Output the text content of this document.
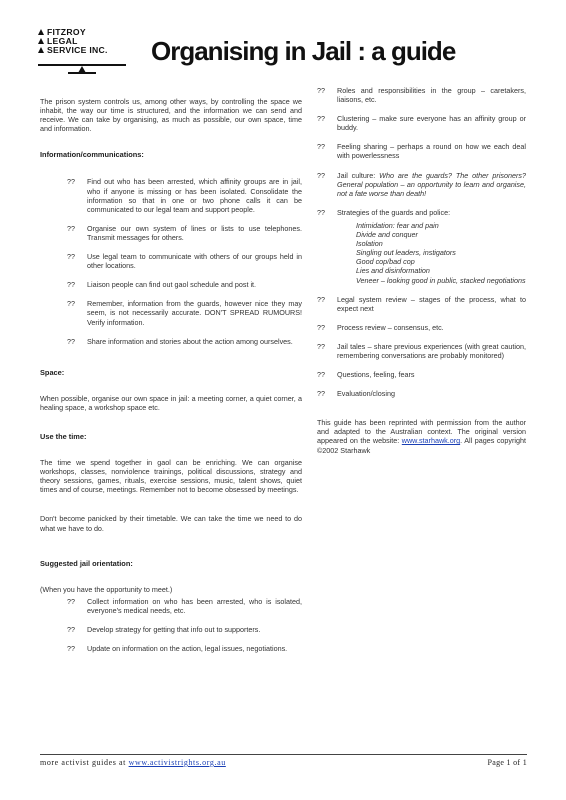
FITZROY
LEGAL
SERVICE INC.	Organising in Jail : a guide

The prison system controls us, among other ways, by controlling the space we inhabit, the way our time is structured, and the information we can send and receive. We can take by organising, as much as possible, our own space, time and information.

Information/communications:

??	Find out who has been arrested, which affinity groups are in jail, who if anyone is missing or has been isolated. Consolidate the information so that in one or two phone calls it can be communicated to our legal team and support people.
??	Organise our own system of lines or lists to use telephones. Transmit messages for others.
??	Use legal team to communicate with others of our groups held in other locations.
??	Liaison people can find out gaol schedule and post it.
??	Remember, information from the guards, however nice they may seem, is not necessarily accurate. DON'T SPREAD RUMOURS! Verify information.
??	Share information and stories about the action among ourselves.

Space:

When possible, organise our own space in jail: a meeting corner, a quiet corner, a healing space, a workshop space etc.

Use the time:

The time we spend together in gaol can be enriching. We can organise workshops, classes, nonviolence trainings, political discussions, strategy and theory sessions, games, rituals, exercise sessions, music, talent shows, quiet times and of course, meetings. Remember not to become obsessed by meetings.

Don't become panicked by their timetable. We can take the time we need to do what we have to do.

Suggested jail orientation:

(When you have the opportunity to meet.)

??	Collect information on who has been arrested, who is isolated, everyone's medical needs, etc.
??	Develop strategy for getting that info out to supporters.
??	Update on information on the action, legal issues, negotiations.
??	Roles and responsibilities in the group – caretakers, liaisons, etc.
??	Clustering – make sure everyone has an affinity group or buddy.
??	Feeling sharing – perhaps a round on how we each deal with powerlessness
??	Jail culture: Who are the guards? The other prisoners? General population – an opportunity to learn and organise, not a fate worse than death!
??	Strategies of the guards and police:

Intimidation: fear and pain

Divide and conquer

Isolation

Singling out leaders, instigators

Good cop/bad cop

Lies and disinformation

Veneer – looking good in public, stacked negotiations

??	Legal system review – stages of the process, what to expect next
??	Process review – consensus, etc.
??	Jail tales – share previous experiences (with great caution, remembering conversations are probably monitored)
??	Questions, feeling, fears
??	Evaluation/closing

This guide has been reprinted with permission from the author and adapted to the Australian context. The original version appeared on the website: www.starhawk.org. All pages copyright ©2002 Starhawk

more activist guides at www.activistrights.org.au	Page 1 of 1
